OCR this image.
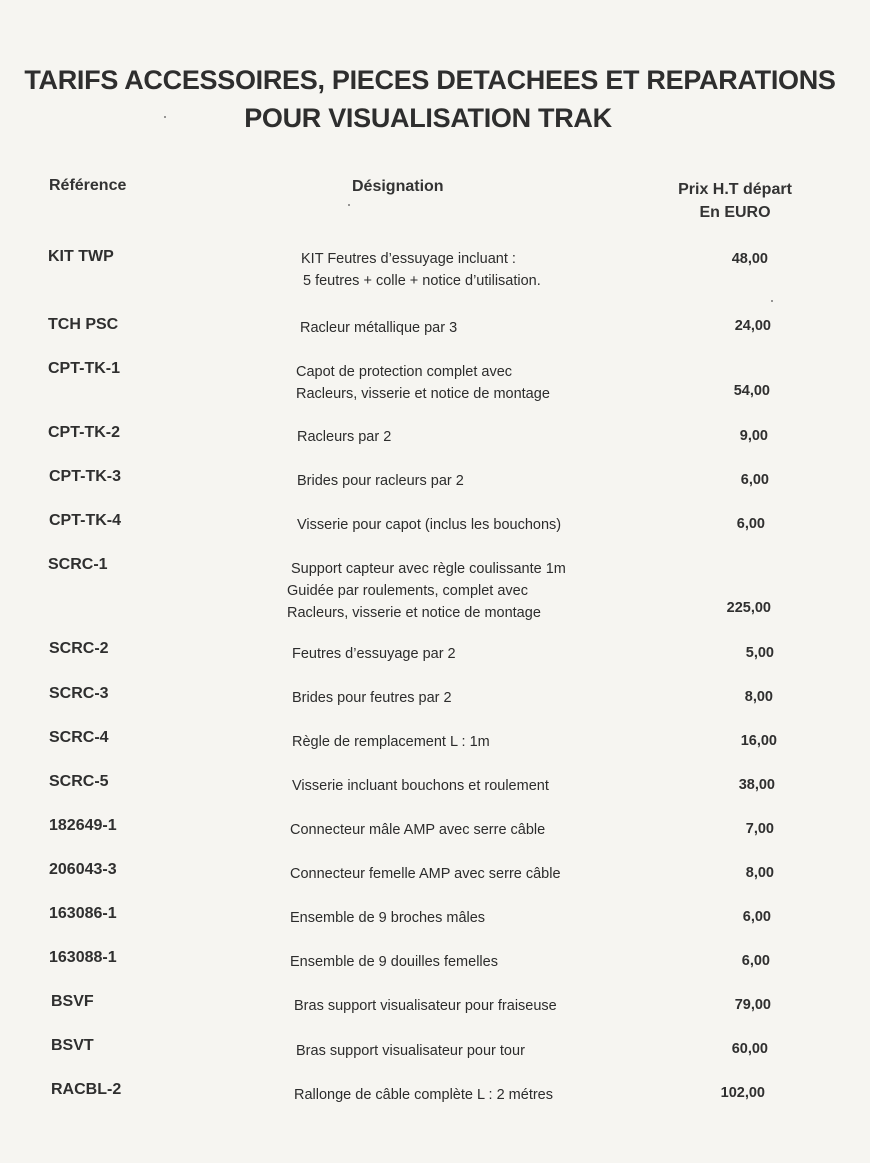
TARIFS ACCESSOIRES, PIECES DETACHEES ET REPARATIONS
POUR VISUALISATION TRAK
Référence	Désignation	Prix H.T départ
En EURO
KIT TWP	KIT Feutres d’essuyage incluant :
5 feutres + colle + notice d’utilisation.
48,00
TCH PSC	Racleur métallique par 3	24,00
CPT-TK-1	Capot de protection complet avec
Racleurs, visserie et notice de montage	54,00
CPT-TK-2	Racleurs par 2	9,00
CPT-TK-3	Brides pour racleurs par 2	6,00
CPT-TK-4	Visserie pour capot (inclus les bouchons)	6,00
SCRC-1	Support capteur avec règle coulissante 1m
Guidée par roulements, complet avec
Racleurs, visserie et notice de montage	225,00
SCRC-2	Feutres d’essuyage par 2	5,00
SCRC-3	Brides pour feutres par 2	8,00
SCRC-4	Règle de remplacement L : 1m	16,00
SCRC-5	Visserie incluant bouchons et roulement	38,00
182649-1	Connecteur mâle AMP avec serre câble	7,00
206043-3	Connecteur femelle AMP avec serre câble	8,00
163086-1	Ensemble de 9 broches mâles	6,00
163088-1	Ensemble de 9 douilles femelles	6,00
BSVF	Bras support visualisateur pour fraiseuse	79,00
BSVT	Bras support visualisateur pour tour	60,00
RACBL-2	Rallonge de câble complète L : 2 métres	102,00
